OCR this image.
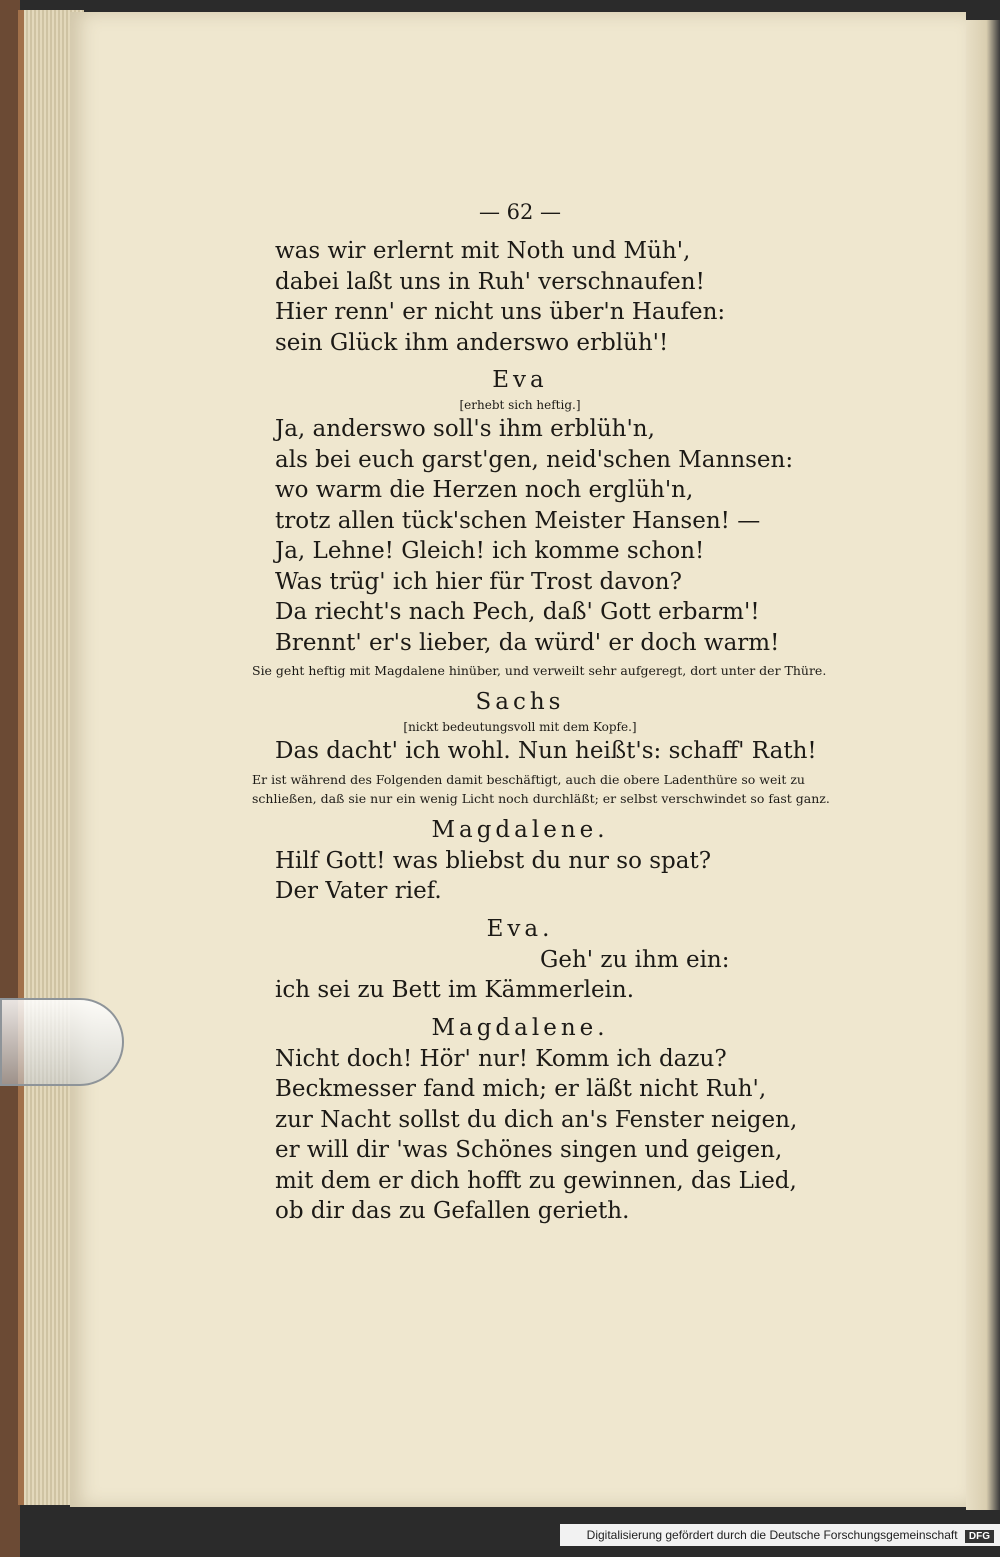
— 62 —
was wir erlernt mit Noth und Müh',
dabei laßt uns in Ruh' verschnaufen!
Hier renn' er nicht uns über'n Haufen:
sein Glück ihm anderswo erblüh'!
Eva
[erhebt sich heftig.]
Ja, anderswo soll's ihm erblüh'n,
als bei euch garst'gen, neid'schen Mannsen:
wo warm die Herzen noch erglüh'n,
trotz allen tück'schen Meister Hansen! —
Ja, Lehne! Gleich! ich komme schon!
Was trüg' ich hier für Trost davon?
Da riecht's nach Pech, daß' Gott erbarm'!
Brennt' er's lieber, da würd' er doch warm!
Sie geht heftig mit Magdalene hinüber, und verweilt sehr aufgeregt, dort unter der Thüre.
Sachs
[nickt bedeutungsvoll mit dem Kopfe.]
Das dacht' ich wohl. Nun heißt's: schaff' Rath!
Er ist während des Folgenden damit beschäftigt, auch die obere Ladenthüre so weit zu schließen, daß sie nur ein wenig Licht noch durchläßt; er selbst verschwindet so fast ganz.
Magdalene.
Hilf Gott! was bliebst du nur so spat?
Der Vater rief.
Eva.
Geh' zu ihm ein:
ich sei zu Bett im Kämmerlein.
Magdalene.
Nicht doch! Hör' nur! Komm ich dazu?
Beckmesser fand mich; er läßt nicht Ruh',
zur Nacht sollst du dich an's Fenster neigen,
er will dir 'was Schönes singen und geigen,
mit dem er dich hofft zu gewinnen, das Lied,
ob dir das zu Gefallen gerieth.
Digitalisierung gefördert durch die Deutsche Forschungsgemeinschaft DFG
